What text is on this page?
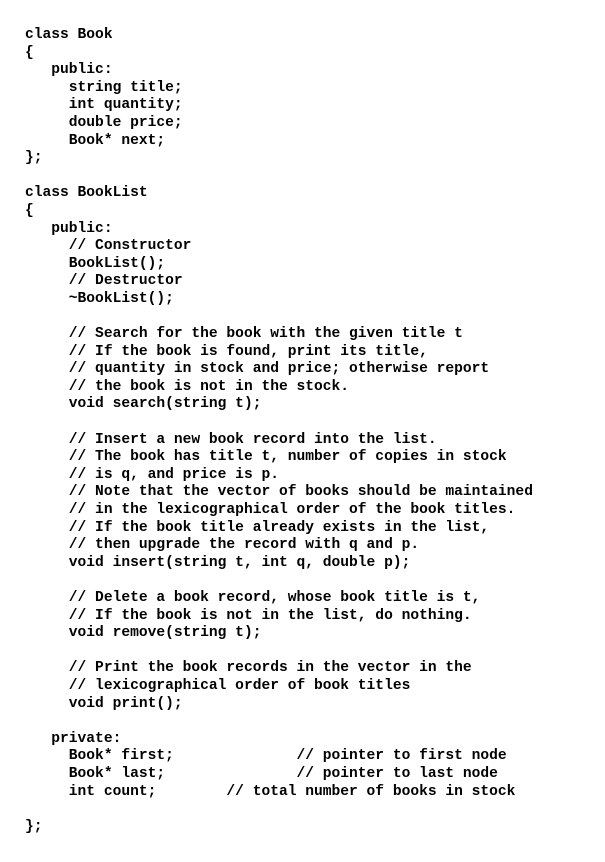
class Book
{
public:
string title;
int quantity;
double price;
Book* next;
};
class BookList
{
public:
// Constructor
BookList();
// Destructor
~BookList();
// Search for the book with the given title t
// If the book is found, print its title,
// quantity in stock and price; otherwise report
// the book is not in the stock.
void search(string t);
// Insert a new book record into the list.
// The book has title t, number of copies in stock
// is q, and price is p.
// Note that the vector of books should be maintained
// in the lexicographical order of the book titles.
// If the book title already exists in the list,
// then upgrade the record with q and p.
void insert(string t, int q, double p);
// Delete a book record, whose book title is t,
// If the book is not in the list, do nothing.
void remove(string t);
// Print the book records in the vector in the
// lexicographical order of book titles
void print();
private:
Book* first;              // pointer to first node
Book* last;               // pointer to last node
int count;        // total number of books in stock
};
